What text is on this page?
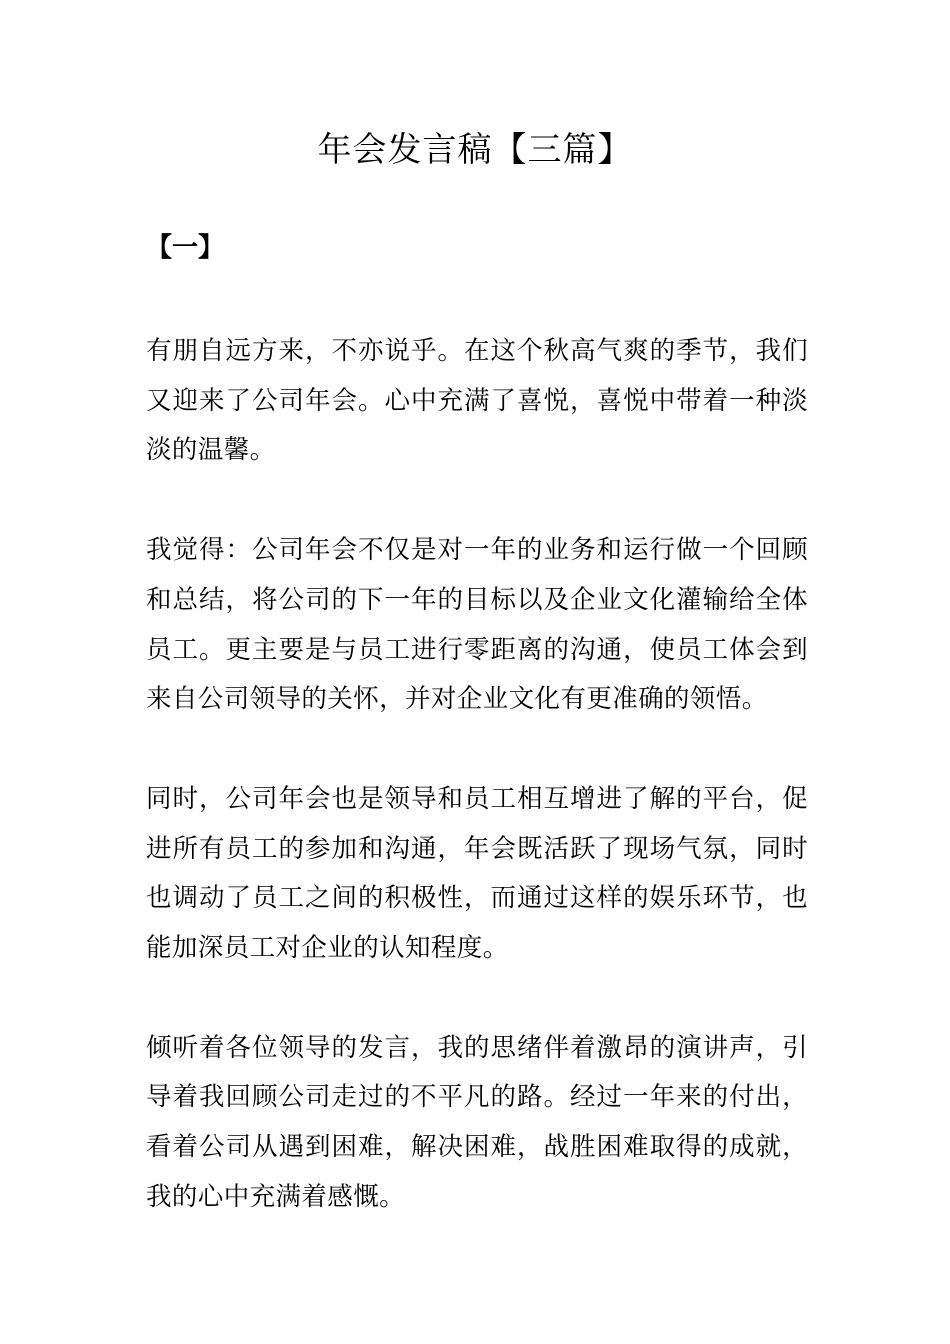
年会发言稿【三篇】
【一】

有朋自远方来，不亦说乎。在这个秋高气爽的季节，我们又迎来了公司年会。心中充满了喜悦，喜悦中带着一种淡淡的温馨。

我觉得：公司年会不仅是对一年的业务和运行做一个回顾和总结，将公司的下一年的目标以及企业文化灌输给全体员工。更主要是与员工进行零距离的沟通，使员工体会到来自公司领导的关怀，并对企业文化有更准确的领悟。

同时，公司年会也是领导和员工相互增进了解的平台，促进所有员工的参加和沟通，年会既活跃了现场气氛，同时也调动了员工之间的积极性，而通过这样的娱乐环节，也能加深员工对企业的认知程度。

倾听着各位领导的发言，我的思绪伴着激昂的演讲声，引导着我回顾公司走过的不平凡的路。经过一年来的付出，看着公司从遇到困难，解决困难，战胜困难取得的成就，我的心中充满着感慨。
